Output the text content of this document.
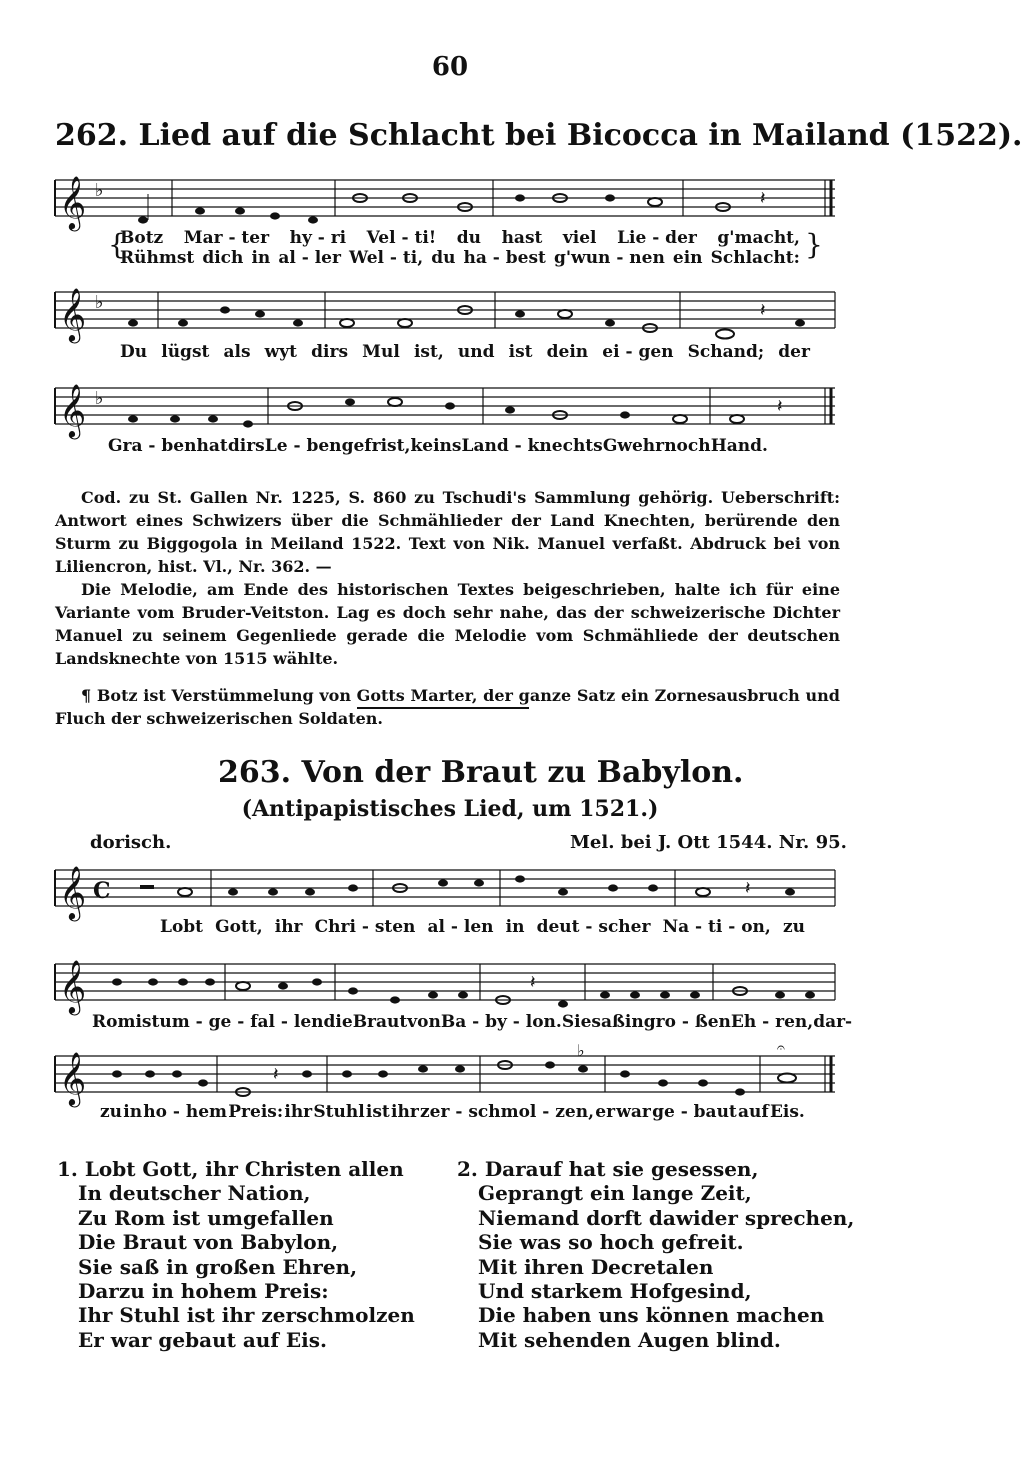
60
262. Lied auf die Schlacht bei Bicocca in Mailand (1522).
𝄞 ♭	𝄽
{	}
Botz Mar - ter hy - ri Vel - ti! du hast viel Lie - der g'macht,
Rühmst dich in al - ler Wel - ti, du ha - best g'wun - nen ein Schlacht:
𝄞 ♭	𝄽
Du lügst als wyt dirs Mul ist, und ist dein ei - gen Schand; der
𝄞 ♭	𝄽
Gra - ben hat dirs Le - ben gefrist, keins Land - knechts Gwehr noch Hand.

Cod. zu St. Gallen Nr. 1225, S. 860 zu Tschudi's Sammlung gehörig. Ueberschrift: Antwort eines Schwizers über die Schmählieder der Land Knechten, berürende den Sturm zu Biggogola in Meiland 1522. Text von Nik. Manuel verfaßt. Abdruck bei von Liliencron, hist. Vl., Nr. 362. —

Die Melodie, am Ende des historischen Textes beigeschrieben, halte ich für eine Variante vom Bruder-Veitston. Lag es doch sehr nahe, das der schweizerische Dichter Manuel zu seinem Gegenliede gerade die Melodie vom Schmähliede der deutschen Landsknechte von 1515 wählte.

¶ Botz ist Verstümmelung von Gotts Marter, der ganze Satz ein Zornesausbruch und Fluch der schweizerischen Soldaten.

263. Von der Braut zu Babylon.
(Antipapistisches Lied, um 1521.)
dorisch.	Mel. bei J. Ott 1544. Nr. 95.
𝄞 C	𝄽
Lobt Gott, ihr Chri - sten al - len in deut - scher Na - ti - on, zu
𝄞	𝄽
Rom ist um - ge - fal - len die Braut von Ba - by - lon. Sie saß in gro - ßen Eh - ren, dar-
𝄞	𝄽
♭	𝄐
zu in ho - hem Preis: ihr Stuhl ist ihr zer - schmol - zen, er war ge - baut auf Eis.
1. Lobt Gott, ihr Christen allen
In deutscher Nation,
Zu Rom ist umgefallen
Die Braut von Babylon,
Sie saß in großen Ehren,
Darzu in hohem Preis:
Ihr Stuhl ist ihr zerschmolzen
Er war gebaut auf Eis.
2. Darauf hat sie gesessen,
Geprangt ein lange Zeit,
Niemand dorft dawider sprechen,
Sie was so hoch gefreit.
Mit ihren Decretalen
Und starkem Hofgesind,
Die haben uns können machen
Mit sehenden Augen blind.
